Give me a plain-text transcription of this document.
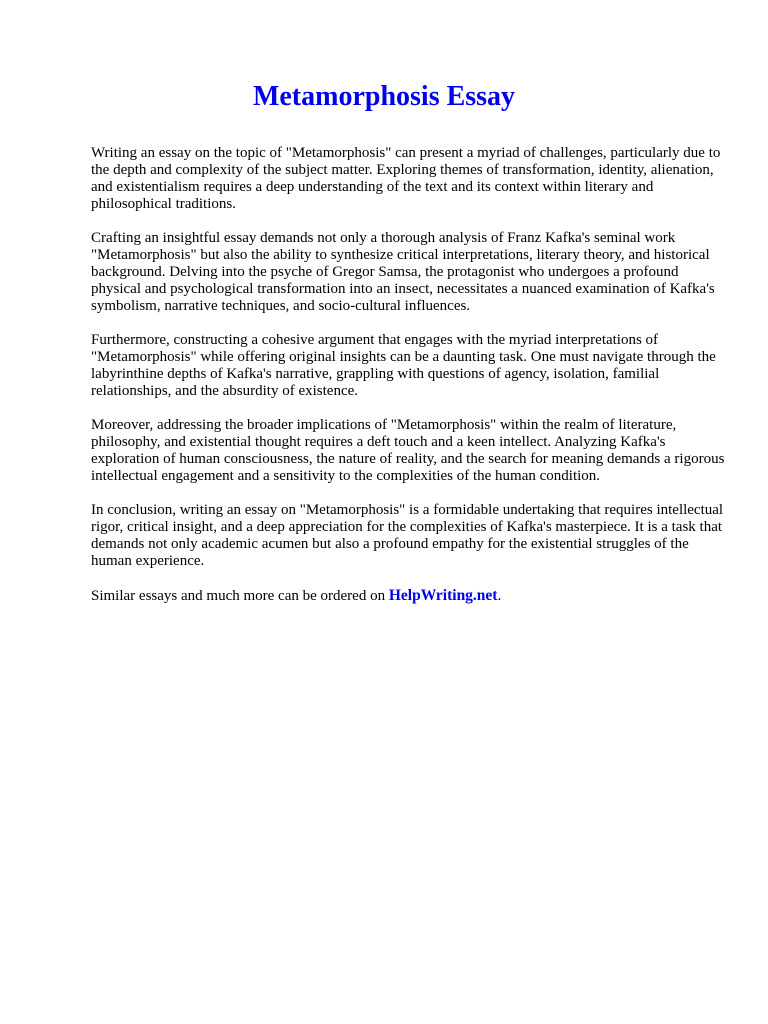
Metamorphosis Essay

Writing an essay on the topic of "Metamorphosis" can present a myriad of challenges, particularly due to the depth and complexity of the subject matter. Exploring themes of transformation, identity, alienation, and existentialism requires a deep understanding of the text and its context within literary and philosophical traditions.

Crafting an insightful essay demands not only a thorough analysis of Franz Kafka's seminal work "Metamorphosis" but also the ability to synthesize critical interpretations, literary theory, and historical background. Delving into the psyche of Gregor Samsa, the protagonist who undergoes a profound physical and psychological transformation into an insect, necessitates a nuanced examination of Kafka's symbolism, narrative techniques, and socio-cultural influences.

Furthermore, constructing a cohesive argument that engages with the myriad interpretations of "Metamorphosis" while offering original insights can be a daunting task. One must navigate through the labyrinthine depths of Kafka's narrative, grappling with questions of agency, isolation, familial relationships, and the absurdity of existence.

Moreover, addressing the broader implications of "Metamorphosis" within the realm of literature, philosophy, and existential thought requires a deft touch and a keen intellect. Analyzing Kafka's exploration of human consciousness, the nature of reality, and the search for meaning demands a rigorous intellectual engagement and a sensitivity to the complexities of the human condition.

In conclusion, writing an essay on "Metamorphosis" is a formidable undertaking that requires intellectual rigor, critical insight, and a deep appreciation for the complexities of Kafka's masterpiece. It is a task that demands not only academic acumen but also a profound empathy for the existential struggles of the human experience.

Similar essays and much more can be ordered on HelpWriting.net.
